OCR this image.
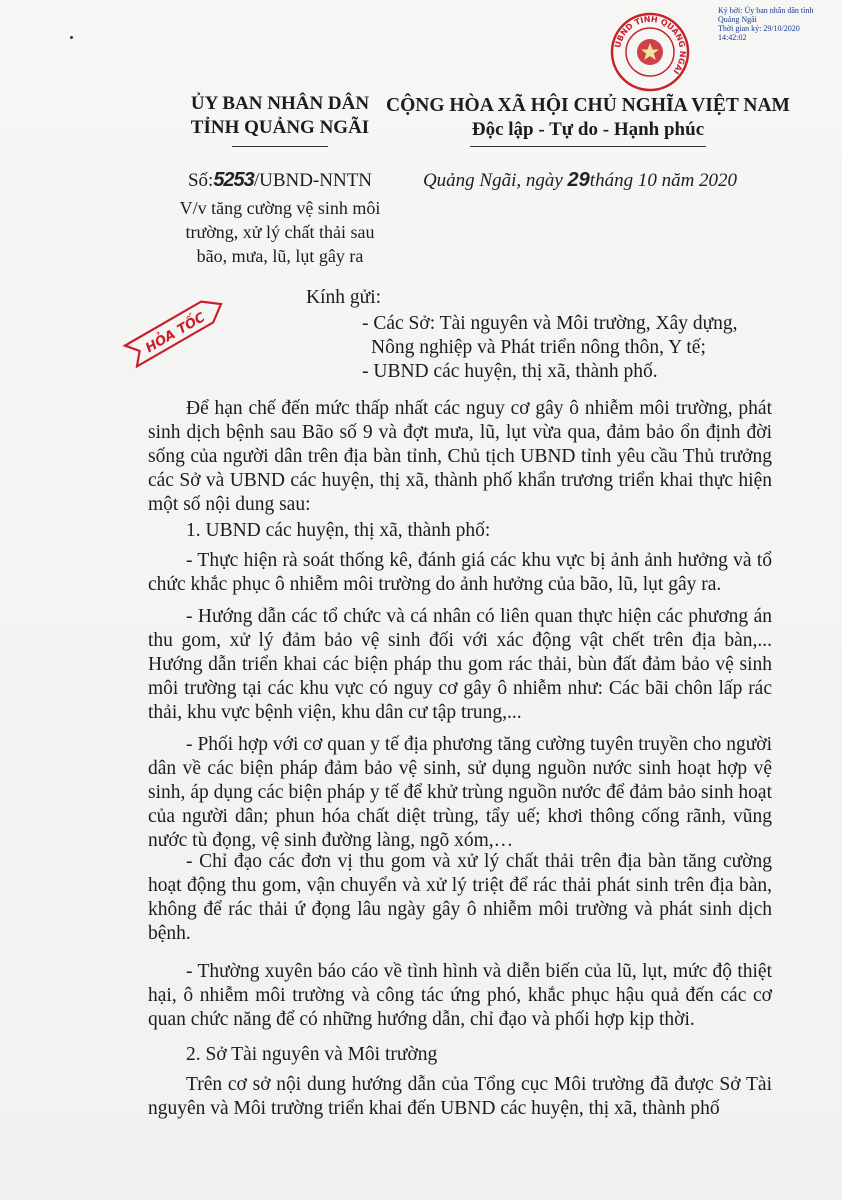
Ký bởi: Ủy ban nhân dân tỉnh
Quảng Ngãi
Thời gian ký: 29/10/2020
14:42:02
UBND TỈNH QUẢNG NGÃI
ỦY BAN NHÂN DÂN
TỈNH QUẢNG NGÃI
CỘNG HÒA XÃ HỘI CHỦ NGHĨA VIỆT NAM
Độc lập - Tự do - Hạnh phúc
Số:5253/UBND-NNTN	Quảng Ngãi, ngày 29tháng 10 năm 2020
V/v tăng cường vệ sinh môi
trường, xử lý chất thải sau
bão, mưa, lũ, lụt gây ra
HỎA TỐC
Kính gửi:
- Các Sở: Tài nguyên và Môi trường, Xây dựng,
Nông nghiệp và Phát triển nông thôn, Y tế;
- UBND các huyện, thị xã, thành phố.
Để hạn chế đến mức thấp nhất các nguy cơ gây ô nhiễm môi trường, phát sinh dịch bệnh sau Bão số 9 và đợt mưa, lũ, lụt vừa qua, đảm bảo ổn định đời sống của người dân trên địa bàn tỉnh, Chủ tịch UBND tỉnh yêu cầu Thủ trưởng các Sở và UBND các huyện, thị xã, thành phố khẩn trương triển khai thực hiện một số nội dung sau:
1. UBND các huyện, thị xã, thành phố:
- Thực hiện rà soát thống kê, đánh giá các khu vực bị ảnh ảnh hưởng và tổ chức khắc phục ô nhiễm môi trường do ảnh hưởng của bão, lũ, lụt gây ra.
- Hướng dẫn các tổ chức và cá nhân có liên quan thực hiện các phương án thu gom, xử lý đảm bảo vệ sinh đối với xác động vật chết trên địa bàn,... Hướng dẫn triển khai các biện pháp thu gom rác thải, bùn đất đảm bảo vệ sinh môi trường tại các khu vực có nguy cơ gây ô nhiễm như: Các bãi chôn lấp rác thải, khu vực bệnh viện, khu dân cư tập trung,...
- Phối hợp với cơ quan y tế địa phương tăng cường tuyên truyền cho người dân về các biện pháp đảm bảo vệ sinh, sử dụng nguồn nước sinh hoạt hợp vệ sinh, áp dụng các biện pháp y tế để khử trùng nguồn nước để đảm bảo sinh hoạt của người dân; phun hóa chất diệt trùng, tẩy uế; khơi thông cống rãnh, vũng nước tù đọng, vệ sinh đường làng, ngõ xóm,…
- Chỉ đạo các đơn vị thu gom và xử lý chất thải trên địa bàn tăng cường hoạt động thu gom, vận chuyển và xử lý triệt để rác thải phát sinh trên địa bàn, không để rác thải ứ đọng lâu ngày gây ô nhiễm môi trường và phát sinh dịch bệnh.
- Thường xuyên báo cáo về tình hình và diễn biến của lũ, lụt, mức độ thiệt hại, ô nhiễm môi trường và công tác ứng phó, khắc phục hậu quả đến các cơ quan chức năng để có những hướng dẫn, chỉ đạo và phối hợp kịp thời.
2. Sở Tài nguyên và Môi trường
Trên cơ sở nội dung hướng dẫn của Tổng cục Môi trường đã được Sở Tài nguyên và Môi trường triển khai đến UBND các huyện, thị xã, thành phố
